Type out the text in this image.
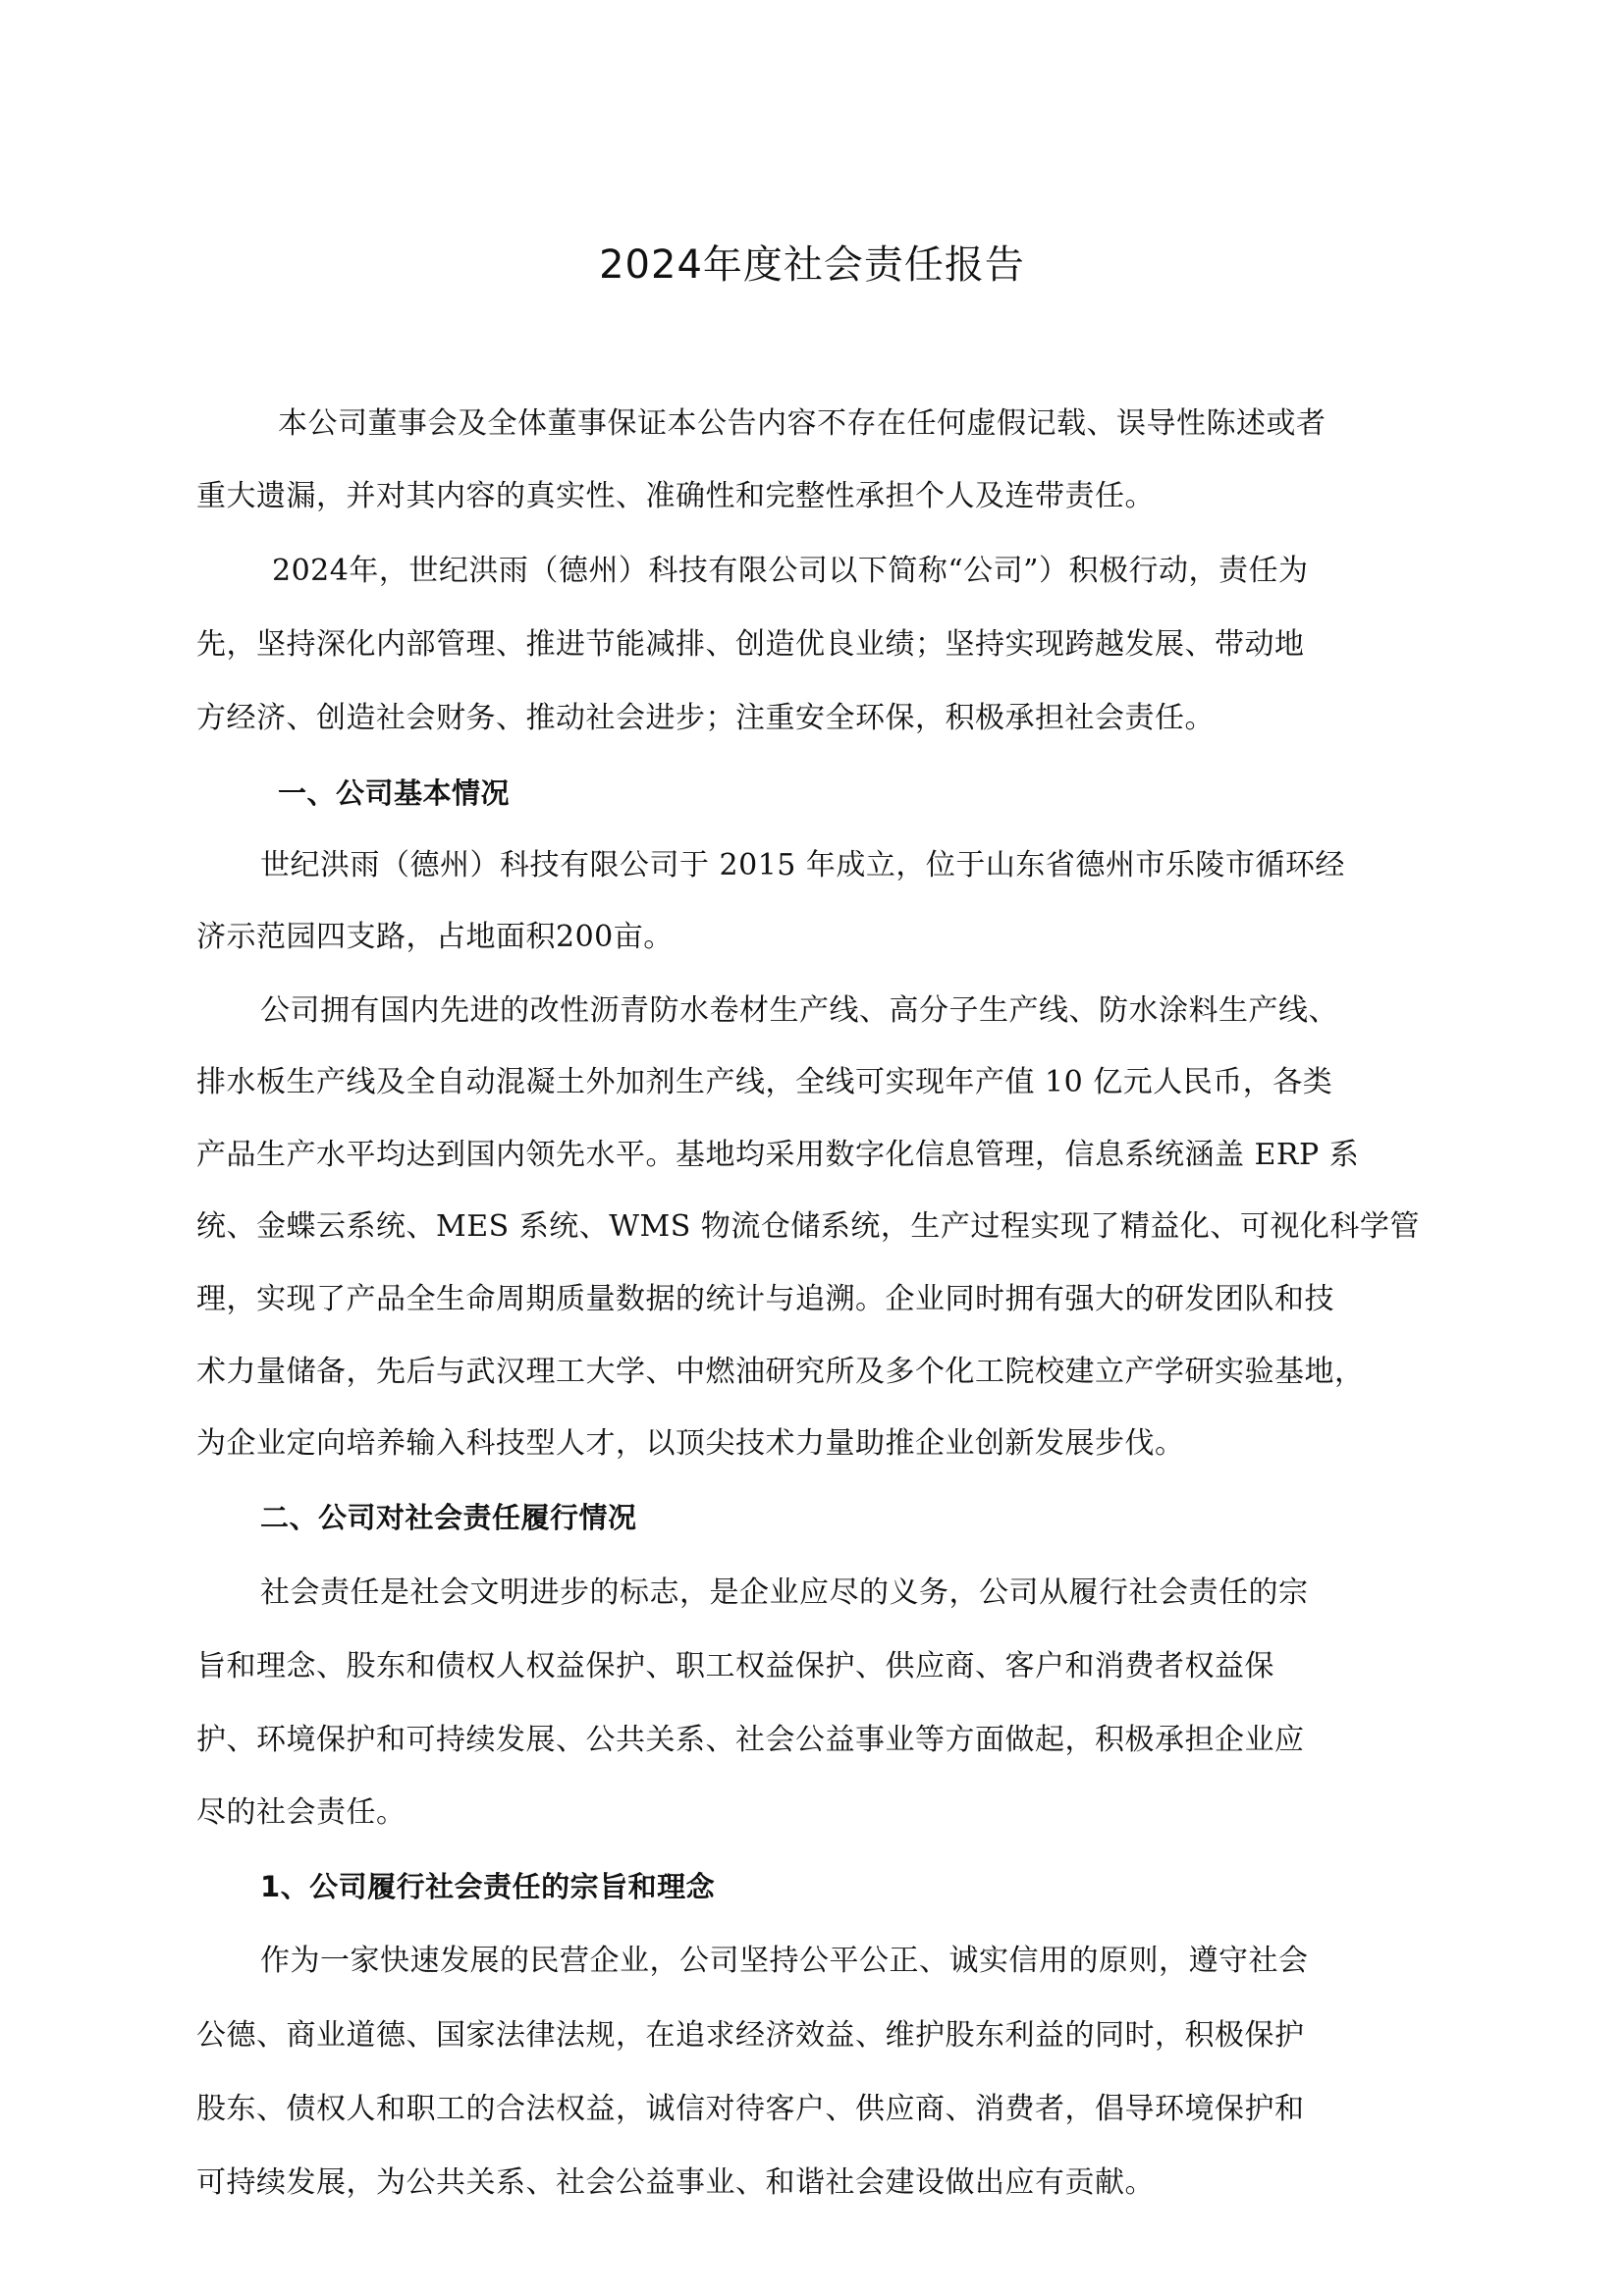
2024年度社会责任报告
本公司董事会及全体董事保证本公告内容不存在任何虚假记载、误导性陈述或者
重大遗漏，并对其内容的真实性、准确性和完整性承担个人及连带责任。
2024年，世纪洪雨（德州）科技有限公司以下简称“公司”）积极行动，责任为
先，坚持深化内部管理、推进节能减排、创造优良业绩；坚持实现跨越发展、带动地
方经济、创造社会财务、推动社会进步；注重安全环保，积极承担社会责任。
一、公司基本情况
世纪洪雨（德州）科技有限公司于 2015 年成立，位于山东省德州市乐陵市循环经
济示范园四支路，占地面积200亩。
公司拥有国内先进的改性沥青防水卷材生产线、高分子生产线、防水涂料生产线、
排水板生产线及全自动混凝土外加剂生产线，全线可实现年产值 10 亿元人民币，各类
产品生产水平均达到国内领先水平。基地均采用数字化信息管理，信息系统涵盖 ERP 系
统、金蝶云系统、MES 系统、WMS 物流仓储系统，生产过程实现了精益化、可视化科学管
理，实现了产品全生命周期质量数据的统计与追溯。企业同时拥有强大的研发团队和技
术力量储备，先后与武汉理工大学、中燃油研究所及多个化工院校建立产学研实验基地，
为企业定向培养输入科技型人才，以顶尖技术力量助推企业创新发展步伐。
二、公司对社会责任履行情况
社会责任是社会文明进步的标志，是企业应尽的义务，公司从履行社会责任的宗
旨和理念、股东和债权人权益保护、职工权益保护、供应商、客户和消费者权益保
护、环境保护和可持续发展、公共关系、社会公益事业等方面做起，积极承担企业应
尽的社会责任。
1、公司履行社会责任的宗旨和理念
作为一家快速发展的民营企业，公司坚持公平公正、诚实信用的原则，遵守社会
公德、商业道德、国家法律法规，在追求经济效益、维护股东利益的同时，积极保护
股东、债权人和职工的合法权益，诚信对待客户、供应商、消费者，倡导环境保护和
可持续发展，为公共关系、社会公益事业、和谐社会建设做出应有贡献。
